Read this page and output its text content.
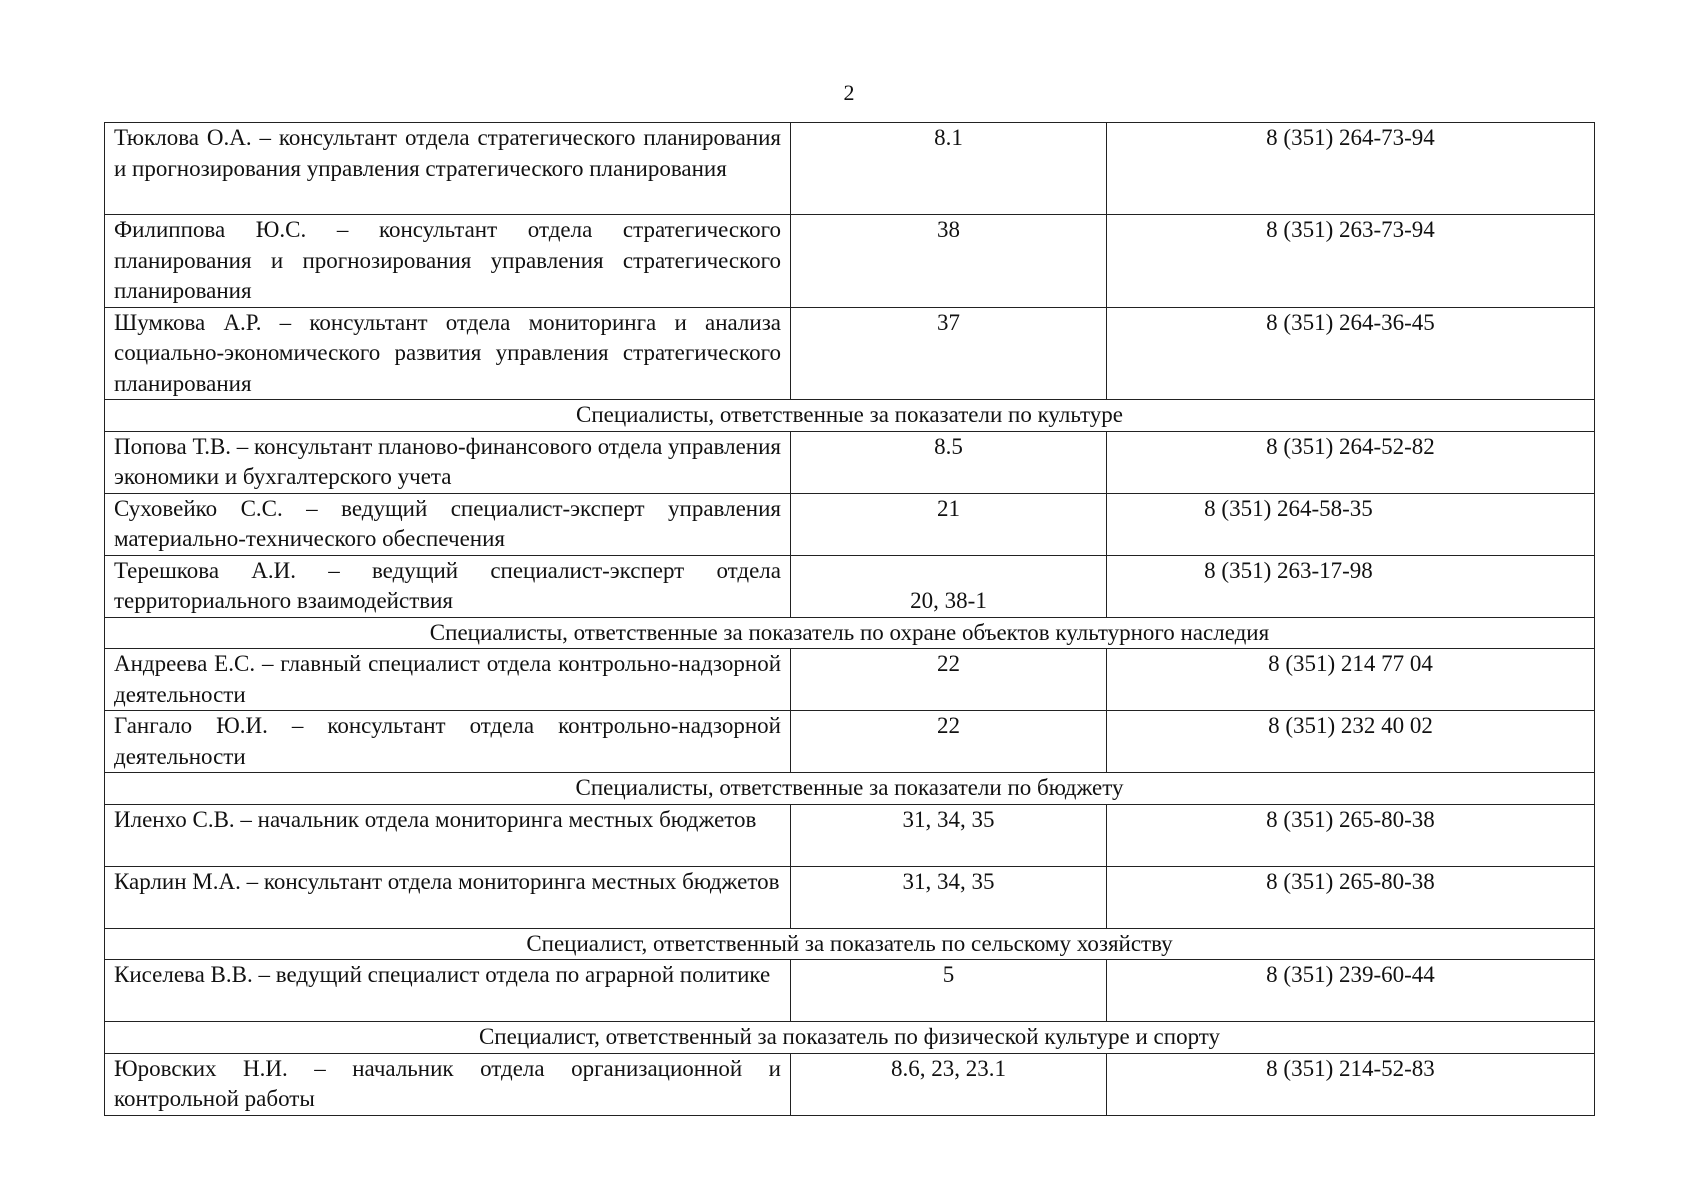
2
Тюклова О.А. – консультант отдела стратегического планирования и прогнозирования управления стратегического планирования	8.1	8 (351) 264-73-94
Филиппова Ю.С. – консультант отдела стратегического планирования и прогнозирования управления стратегического планирования	38	8 (351) 263-73-94
Шумкова А.Р. – консультант отдела мониторинга и анализа социально-экономического развития управления стратегического планирования	37	8 (351) 264-36-45
Специалисты, ответственные за показатели по культуре		
Попова Т.В. – консультант планово-финансового отдела управления экономики и бухгалтерского учета	8.5	8 (351) 264-52-82
Суховейко С.С. – ведущий специалист-эксперт управления материально-технического обеспечения	21	8 (351) 264-58-35
Терешкова А.И. – ведущий специалист-эксперт отдела территориального взаимодействия	20, 38-1	8 (351) 263-17-98
Специалисты, ответственные за показатель по охране объектов культурного наследия		
Андреева Е.С. – главный специалист отдела контрольно-надзорной деятельности	22	8 (351) 214 77 04
Гангало Ю.И. – консультант отдела контрольно-надзорной деятельности	22	8 (351) 232 40 02
Специалисты, ответственные за показатели по бюджету		
Иленхо С.В. – начальник отдела мониторинга местных бюджетов	31, 34, 35	8 (351) 265-80-38
Карлин М.А. – консультант отдела мониторинга местных бюджетов	31, 34, 35	8 (351) 265-80-38
Специалист, ответственный за показатель по сельскому хозяйству		
Киселева В.В. – ведущий специалист отдела по аграрной политике	5	8 (351) 239-60-44
Специалист, ответственный за показатель по физической культуре и спорту		
Юровских Н.И. – начальник отдела организационной и контрольной работы	8.6, 23, 23.1	8 (351) 214-52-83
